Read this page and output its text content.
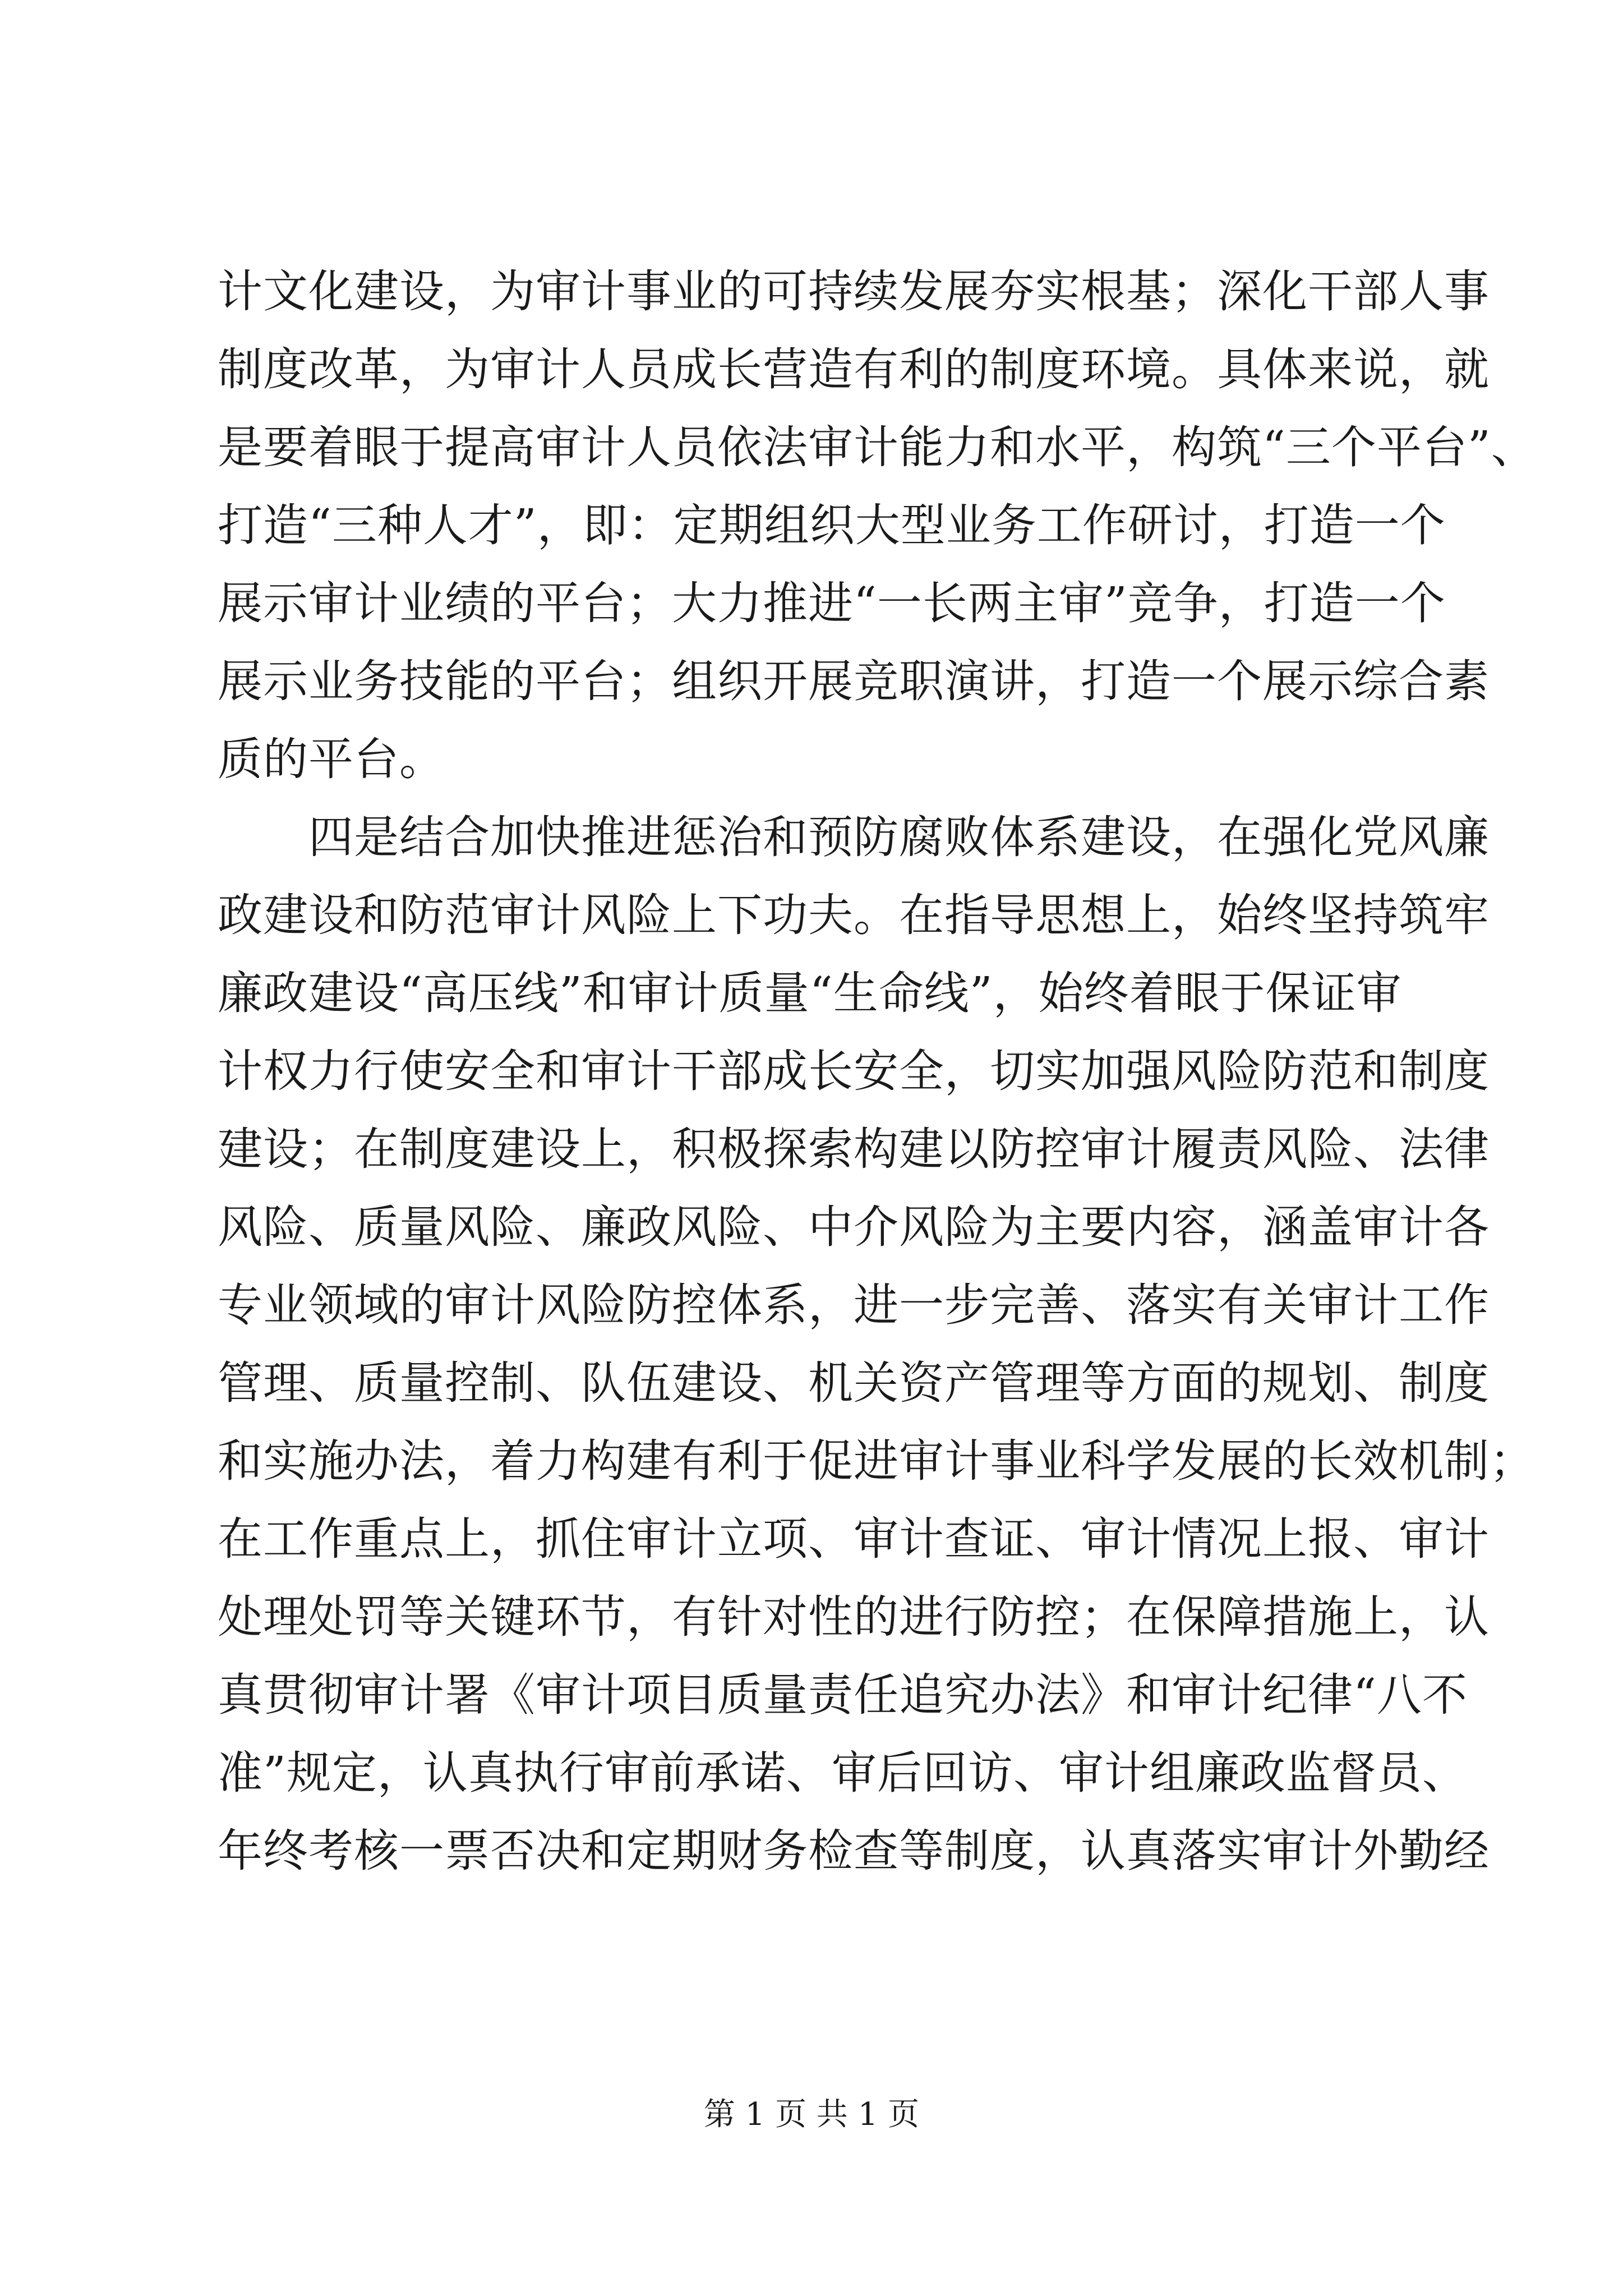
计文化建设，为审计事业的可持续发展夯实根基；深化干部人事
制度改革，为审计人员成长营造有利的制度环境。具体来说，就
是要着眼于提高审计人员依法审计能力和水平，构筑“三个平台”、
打造“三种人才”，即：定期组织大型业务工作研讨，打造一个
展示审计业绩的平台；大力推进“一长两主审”竞争，打造一个
展示业务技能的平台；组织开展竞职演讲，打造一个展示综合素
质的平台。
　　四是结合加快推进惩治和预防腐败体系建设，在强化党风廉
政建设和防范审计风险上下功夫。在指导思想上，始终坚持筑牢
廉政建设“高压线”和审计质量“生命线”，始终着眼于保证审
计权力行使安全和审计干部成长安全，切实加强风险防范和制度
建设；在制度建设上，积极探索构建以防控审计履责风险、法律
风险、质量风险、廉政风险、中介风险为主要内容，涵盖审计各
专业领域的审计风险防控体系，进一步完善、落实有关审计工作
管理、质量控制、队伍建设、机关资产管理等方面的规划、制度
和实施办法，着力构建有利于促进审计事业科学发展的长效机制；
在工作重点上，抓住审计立项、审计查证、审计情况上报、审计
处理处罚等关键环节，有针对性的进行防控；在保障措施上，认
真贯彻审计署《审计项目质量责任追究办法》和审计纪律“八不
准”规定，认真执行审前承诺、审后回访、审计组廉政监督员、
年终考核一票否决和定期财务检查等制度，认真落实审计外勤经
第 1 页 共 1 页
